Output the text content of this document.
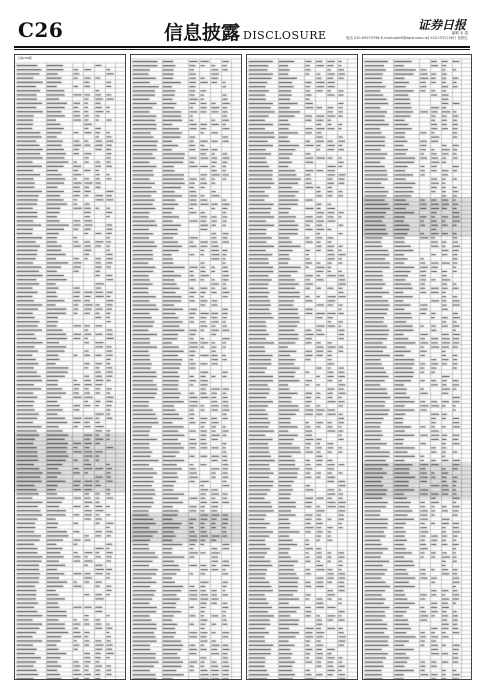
C26	信息披露 DISCLOSURE
证券日报
编辑 宋 超
电话 010-63070796 E-mail:zqrb9@zqrb.sina.net 2021年2月26日 星期五
